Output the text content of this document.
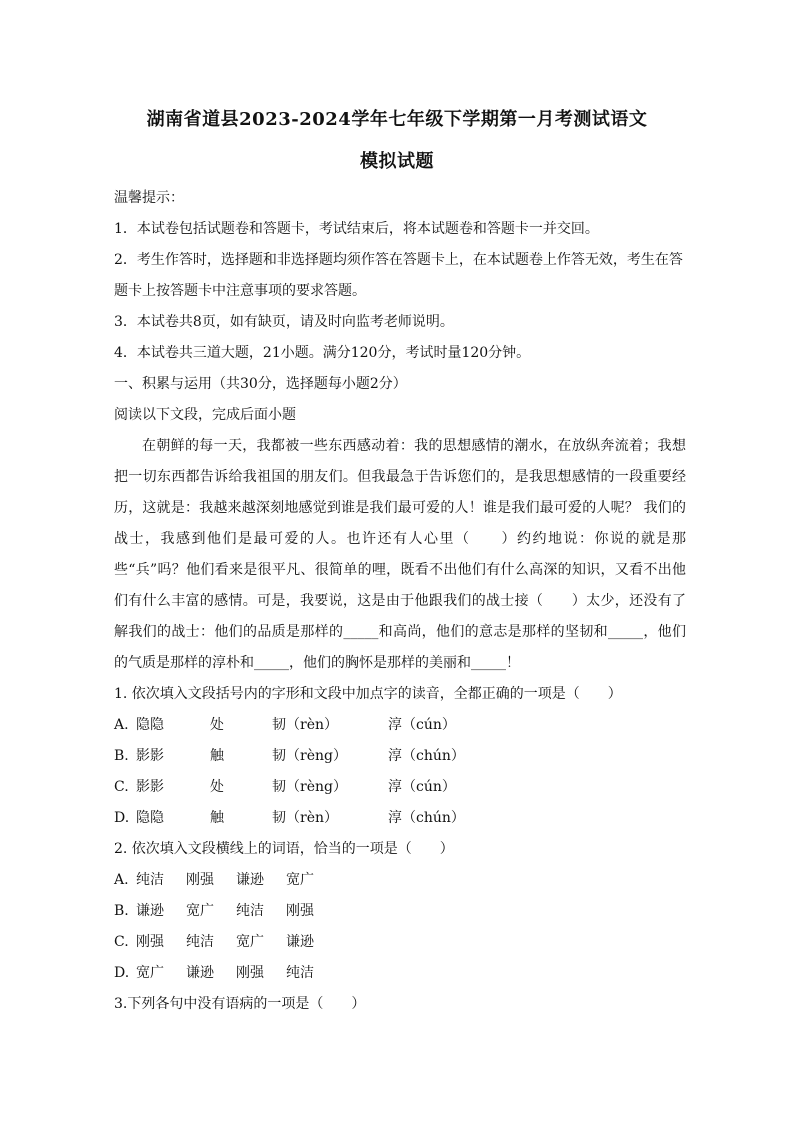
湖南省道县2023-2024学年七年级下学期第一月考测试语文
模拟试题
温馨提示：
1．本试卷包括试题卷和答题卡，考试结束后，将本试题卷和答题卡一并交回。
2．考生作答时，选择题和非选择题均须作答在答题卡上，在本试题卷上作答无效，考生在答
题卡上按答题卡中注意事项的要求答题。
3．本试卷共8页，如有缺页，请及时向监考老师说明。
4．本试卷共三道大题，21小题。满分120分，考试时量120分钟。
一、积累与运用（共30分，选择题每小题2分）
阅读以下文段，完成后面小题
在朝鲜的每一天，我都被一些东西感动着：我的思想感情的潮水，在放纵奔流着；我想把一切东西都告诉给我祖国的朋友们。但我最急于告诉您们的，是我思想感情的一段重要经历，这就是：我越来越深刻地感觉到谁是我们最可爱的人！谁是我们最可爱的人呢？ 我们的战士，我感到他们是最可爱的人。也许还有人心里（　　）约约地说：你说的就是那些“兵”吗？他们看来是很平凡、很简单的哩，既看不出他们有什么高深的知识，又看不出他们有什么丰富的感情。可是，我要说，这是由于他跟我们的战士接（　　）太少，还没有了解我们的战士：他们的品质是那样的_____和高尚，他们的意志是那样的坚韧和_____，他们的气质是那样的淳朴和_____，他们的胸怀是那样的美丽和_____！
1. 依次填入文段括号内的字形和文段中加点字的读音，全都正确的一项是（　　）
A. 隐隐	处	韧（rèn）	淳（cún）
B. 影影	触	韧（rèng）	淳（chún）
C. 影影	处	韧（rèng）	淳（cún）
D. 隐隐	触	韧（rèn）	淳（chún）
2. 依次填入文段横线上的词语，恰当的一项是（　　）
A. 纯洁	刚强	谦逊	宽广
B. 谦逊	宽广	纯洁	刚强
C. 刚强	纯洁	宽广	谦逊
D. 宽广	谦逊	刚强	纯洁
3.下列各句中没有语病的一项是（　　）
